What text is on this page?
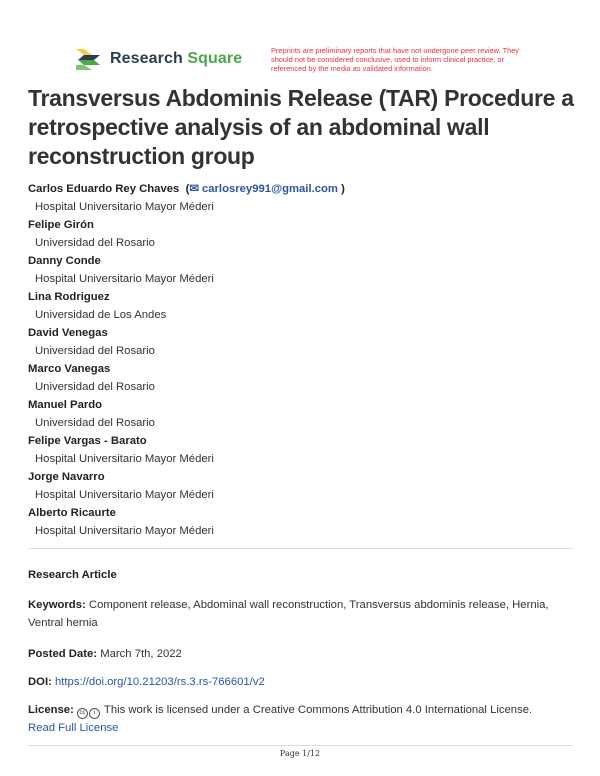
Research Square	Preprints are preliminary reports that have not undergone peer review. They should not be considered conclusive, used to inform clinical practice, or referenced by the media as validated information.
Transversus Abdominis Release (TAR) Procedure a retrospective analysis of an abdominal wall reconstruction group
Carlos Eduardo Rey Chaves  (✉ carlosrey991@gmail.com )
Hospital Universitario Mayor Méderi
Felipe Girón
Universidad del Rosario
Danny Conde
Hospital Universitario Mayor Méderi
Lina Rodriguez
Universidad de Los Andes
David Venegas
Universidad del Rosario
Marco Vanegas
Universidad del Rosario
Manuel Pardo
Universidad del Rosario
Felipe Vargas - Barato
Hospital Universitario Mayor Méderi
Jorge Navarro
Hospital Universitario Mayor Méderi
Alberto Ricaurte
Hospital Universitario Mayor Méderi
Research Article
Keywords: Component release, Abdominal wall reconstruction, Transversus abdominis release, Hernia, Ventral hernia
Posted Date: March 7th, 2022
DOI: https://doi.org/10.21203/rs.3.rs-766601/v2
License: cc i This work is licensed under a Creative Commons Attribution 4.0 International License.
Read Full License
Page 1/12
